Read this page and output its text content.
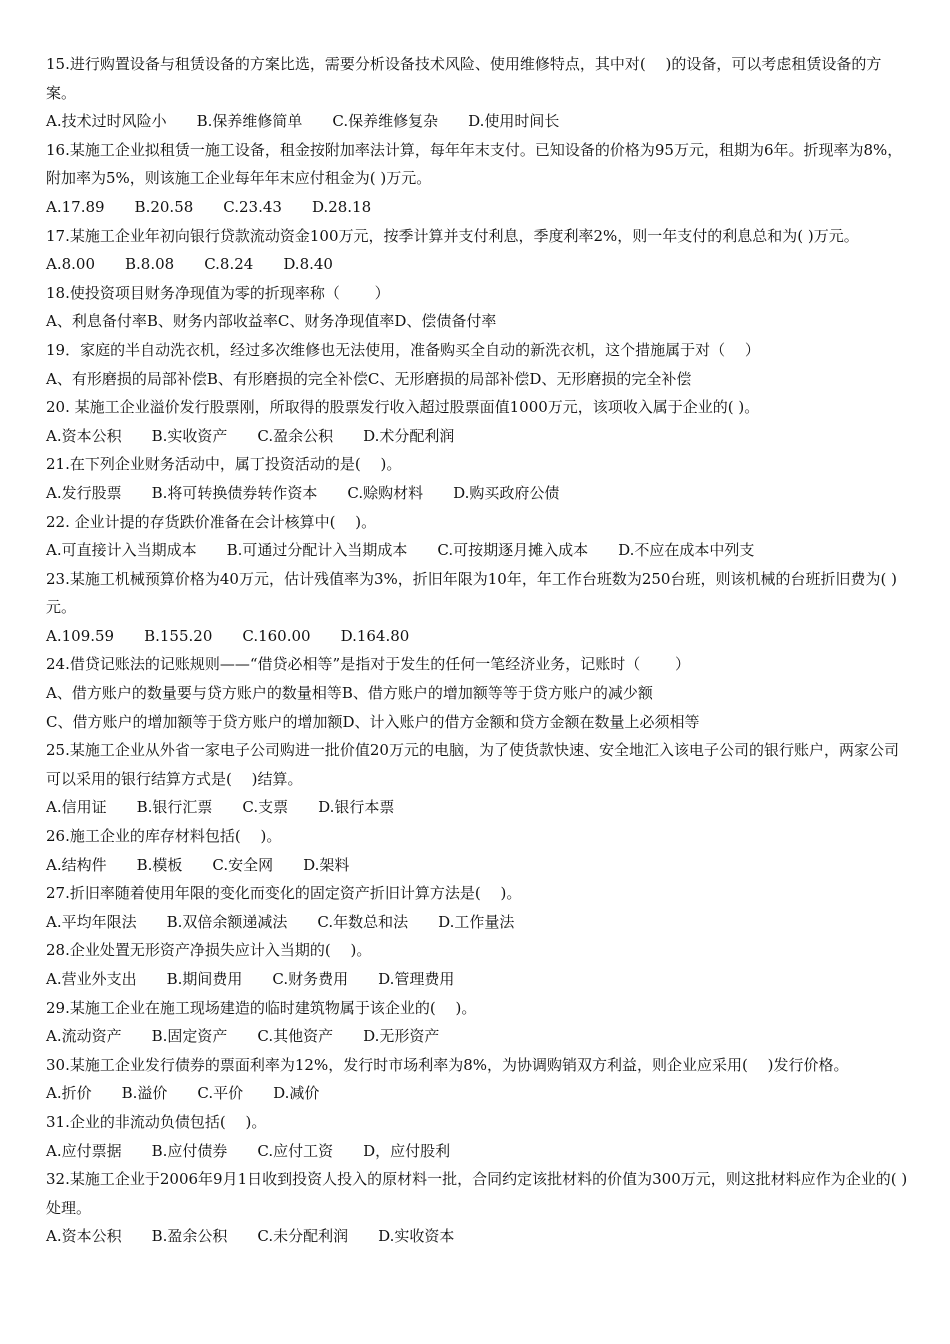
15.进行购置设备与租赁设备的方案比选，需要分析设备技术风险、使用维修特点，其中对(　 )的设备，可以考虑租赁设备的方案。

A.技术过时风险小 B.保养维修简单 C.保养维修复杂 D.使用时间长

16.某施工企业拟租赁一施工设备，租金按附加率法计算，每年年末支付。已知设备的价格为95万元，租期为6年。折现率为8%，附加率为5%，则该施工企业每年年末应付租金为( )万元。

A.17.89 B.20.58 C.23.43 D.28.18

17.某施工企业年初向银行贷款流动资金100万元，按季计算并支付利息，季度利率2%，则一年支付的利息总和为( )万元。

A.8.00 B.8.08 C.8.24 D.8.40

18.使投资项目财务净现值为零的折现率称（　　 ）

A、利息备付率B、财务内部收益率C、财务净现值率D、偿债备付率

19．家庭的半自动洗衣机，经过多次维修也无法使用，准备购买全自动的新洗衣机，这个措施属于对（　 ）

A、有形磨损的局部补偿B、有形磨损的完全补偿C、无形磨损的局部补偿D、无形磨损的完全补偿

20. 某施工企业溢价发行股票刚，所取得的股票发行收入超过股票面值1000万元，该项收入属于企业的( )。

A.资本公积 B.实收资产 C.盈余公积 D.术分配利润

21.在下列企业财务活动中，属丁投资活动的是(　 )。

A.发行股票 B.将可转换债券转作资本 C.赊购材料 D.购买政府公债

22. 企业计提的存货跌价准备在会计核算中(　 )。

A.可直接计入当期成本 B.可通过分配计入当期成本 C.可按期逐月摊入成本 D.不应在成本中列支

23.某施工机械预算价格为40万元，估计残值率为3%，折旧年限为10年，年工作台班数为250台班，则该机械的台班折旧费为( )元。

A.109.59 B.155.20 C.160.00 D.164.80

24.借贷记账法的记账规则——“借贷必相等”是指对于发生的任何一笔经济业务，记账时（　　 ）

A、借方账户的数量要与贷方账户的数量相等B、借方账户的增加额等等于贷方账户的减少额

C、借方账户的增加额等于贷方账户的增加额D、计入账户的借方金额和贷方金额在数量上必须相等

25.某施工企业从外省一家电子公司购进一批价值20万元的电脑，为了使货款快速、安全地汇入该电子公司的银行账户，两家公司可以采用的银行结算方式是(　 )结算。

A.信用证 B.银行汇票 C.支票 D.银行本票

26.施工企业的库存材料包括(　 )。

A.结构件 B.模板 C.安全网 D.架料

27.折旧率随着使用年限的变化而变化的固定资产折旧计算方法是(　 )。

A.平均年限法 B.双倍余额递减法 C.年数总和法 D.工作量法

28.企业处置无形资产净损失应计入当期的(　 )。

A.营业外支出 B.期间费用 C.财务费用 D.管理费用

29.某施工企业在施工现场建造的临时建筑物属于该企业的(　 )。

A.流动资产 B.固定资产 C.其他资产 D.无形资产

30.某施工企业发行债券的票面利率为12%，发行时市场利率为8%，为协调购销双方利益，则企业应采用(　 )发行价格。

A.折价 B.溢价 C.平价 D.减价

31.企业的非流动负债包括(　 )。

A.应付票据 B.应付债券 C.应付工资 D，应付股利

32.某施工企业于2006年9月1日收到投资人投入的原材料一批，合同约定该批材料的价值为300万元，则这批材料应作为企业的( )处理。

A.资本公积 B.盈余公积 C.未分配利润 D.实收资本
